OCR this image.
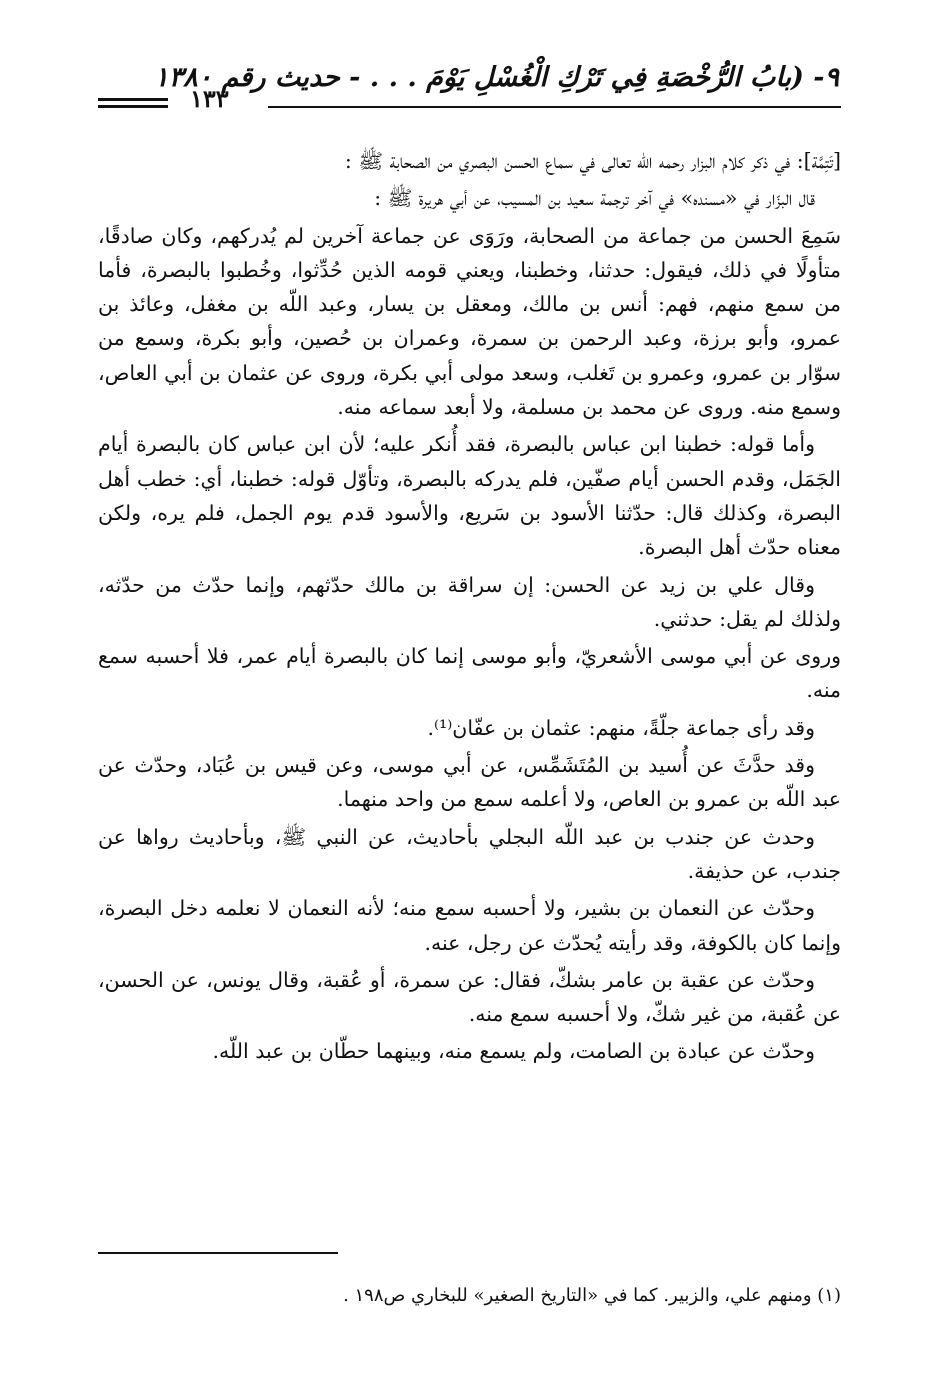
٩- (بابُ الرُّخْصَةِ فِي تَرْكِ الْغُسْلِ يَوْمَ . . . - حديث رقم ١٣٨٠
١٣٣

[تَتِمَّة]: في ذكر كلام البزار رحمه اللّه تعالى في سماع الحسن البصري من الصحابة ﷺ :

قال البزّار في «مسنده» في آخر ترجمة سعيد بن المسيب، عن أبي هريرة ﷺ :

سَمِعَ الحسن من جماعة من الصحابة، ورَوَى عن جماعة آخرين لم يُدركهم، وكان صادقًا، متأولًا في ذلك، فيقول: حدثنا، وخطبنا، ويعني قومه الذين حُدِّثوا، وخُطبوا بالبصرة، فأما من سمع منهم، فهم: أنس بن مالك، ومعقل بن يسار، وعبد اللّه بن مغفل، وعائذ بن عمرو، وأبو برزة، وعبد الرحمن بن سمرة، وعمران بن حُصين، وأبو بكرة، وسمع من سوّار بن عمرو، وعمرو بن تَغلب، وسعد مولى أبي بكرة، وروى عن عثمان بن أبي العاص، وسمع منه. وروى عن محمد بن مسلمة، ولا أبعد سماعه منه.

وأما قوله: خطبنا ابن عباس بالبصرة، فقد أُنكر عليه؛ لأن ابن عباس كان بالبصرة أيام الجَمَل، وقدم الحسن أيام صفّين، فلم يدركه بالبصرة، وتأوّل قوله: خطبنا، أي: خطب أهل البصرة، وكذلك قال: حدّثنا الأسود بن سَريع، والأسود قدم يوم الجمل، فلم يره، ولكن معناه حدّث أهل البصرة.

وقال علي بن زيد عن الحسن: إن سراقة بن مالك حدّثهم، وإنما حدّث من حدّثه، ولذلك لم يقل: حدثني.

وروى عن أبي موسى الأشعريّ، وأبو موسى إنما كان بالبصرة أيام عمر، فلا أحسبه سمع منه.

وقد رأى جماعة جلّةً، منهم: عثمان بن عفّان⁽¹⁾.

وقد حدَّثَ عن أُسيد بن المُتَشَمِّس، عن أبي موسى، وعن قيس بن عُبَاد، وحدّث عن عبد اللّه بن عمرو بن العاص، ولا أعلمه سمع من واحد منهما.

وحدث عن جندب بن عبد اللّه البجلي بأحاديث، عن النبي ﷺ، وبأحاديث رواها عن جندب، عن حذيفة.

وحدّث عن النعمان بن بشير، ولا أحسبه سمع منه؛ لأنه النعمان لا نعلمه دخل البصرة، وإنما كان بالكوفة، وقد رأيته يُحدّث عن رجل، عنه.

وحدّث عن عقبة بن عامر بشكّ، فقال: عن سمرة، أو عُقبة، وقال يونس، عن الحسن، عن عُقبة، من غير شكّ، ولا أحسبه سمع منه.

وحدّث عن عبادة بن الصامت، ولم يسمع منه، وبينهما حطّان بن عبد اللّه.

(١) ومنهم علي، والزبير. كما في «التاريخ الصغير» للبخاري ص١٩٨ .
